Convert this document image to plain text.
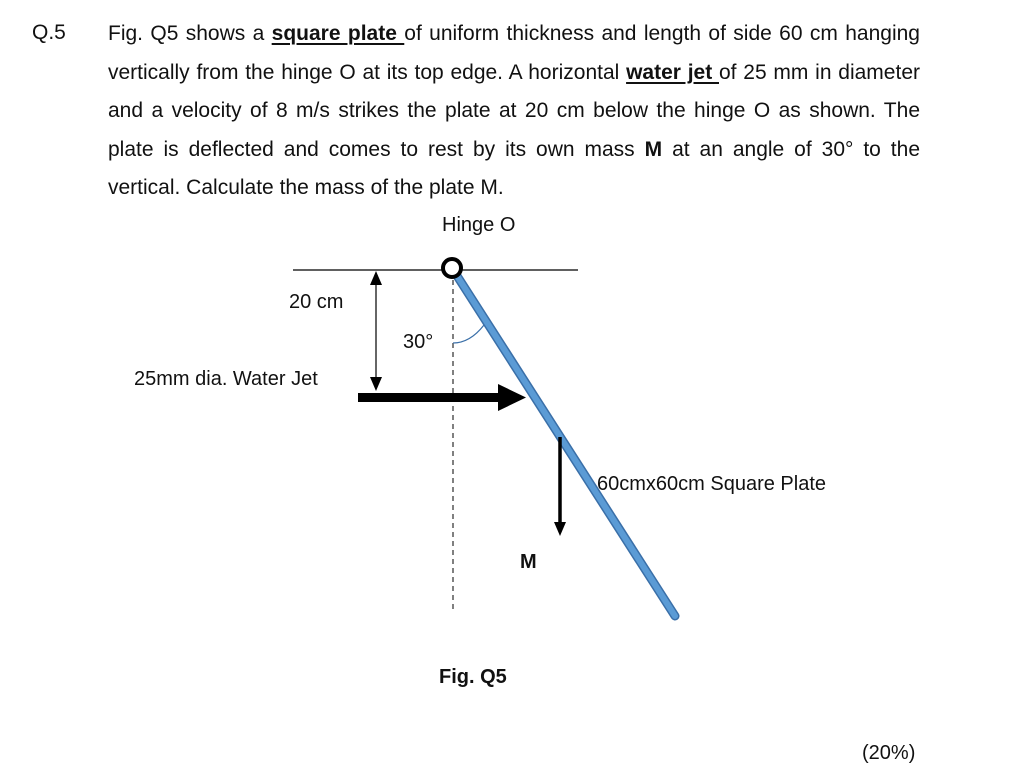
Q.5 Fig. Q5 shows a square plate of uniform thickness and length of side 60 cm hanging vertically from the hinge O at its top edge. A horizontal water jet of 25 mm in diameter and a velocity of 8 m/s strikes the plate at 20 cm below the hinge O as shown. The plate is deflected and comes to rest by its own mass M at an angle of 30° to the vertical. Calculate the mass of the plate M.
Hinge O
20 cm
30°
25mm dia. Water Jet
60cmx60cm Square Plate
M
Fig. Q5
(20%)
